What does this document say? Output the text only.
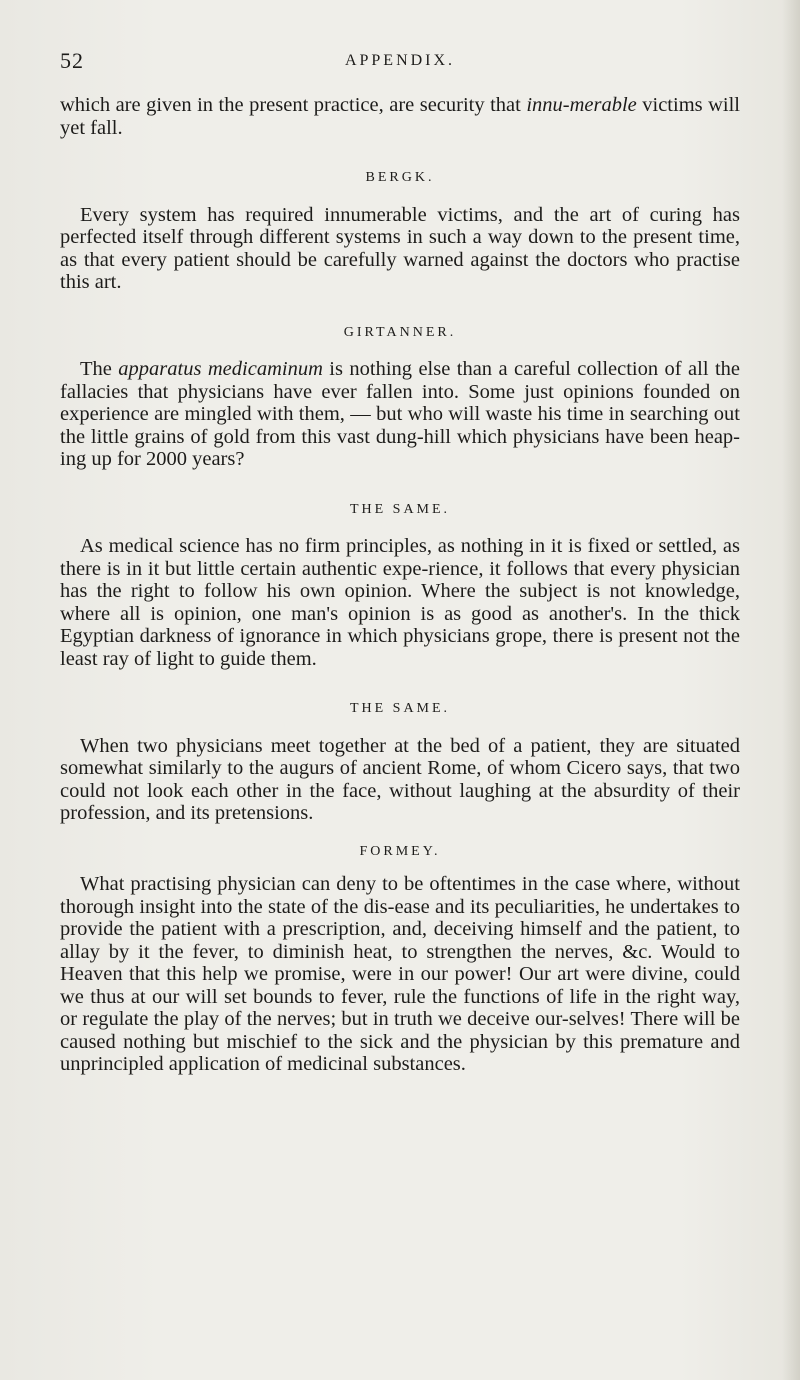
52	APPENDIX.

which are given in the present practice, are security that innu-merable victims will yet fall.

BERGK.

Every system has required innumerable victims, and the art of curing has perfected itself through different systems in such a way down to the present time, as that every patient should be carefully warned against the doctors who practise this art.

GIRTANNER.

The apparatus medicaminum is nothing else than a careful collection of all the fallacies that physicians have ever fallen into. Some just opinions founded on experience are mingled with them, — but who will waste his time in searching out the little grains of gold from this vast dung-hill which physicians have been heap-ing up for 2000 years?

THE SAME.

As medical science has no firm principles, as nothing in it is fixed or settled, as there is in it but little certain authentic expe-rience, it follows that every physician has the right to follow his own opinion. Where the subject is not knowledge, where all is opinion, one man's opinion is as good as another's. In the thick Egyptian darkness of ignorance in which physicians grope, there is present not the least ray of light to guide them.

THE SAME.

When two physicians meet together at the bed of a patient, they are situated somewhat similarly to the augurs of ancient Rome, of whom Cicero says, that two could not look each other in the face, without laughing at the absurdity of their profession, and its pretensions.

FORMEY.

What practising physician can deny to be oftentimes in the case where, without thorough insight into the state of the dis-ease and its peculiarities, he undertakes to provide the patient with a prescription, and, deceiving himself and the patient, to allay by it the fever, to diminish heat, to strengthen the nerves, &c. Would to Heaven that this help we promise, were in our power! Our art were divine, could we thus at our will set bounds to fever, rule the functions of life in the right way, or regulate the play of the nerves; but in truth we deceive our-selves! There will be caused nothing but mischief to the sick and the physician by this premature and unprincipled application of medicinal substances.
